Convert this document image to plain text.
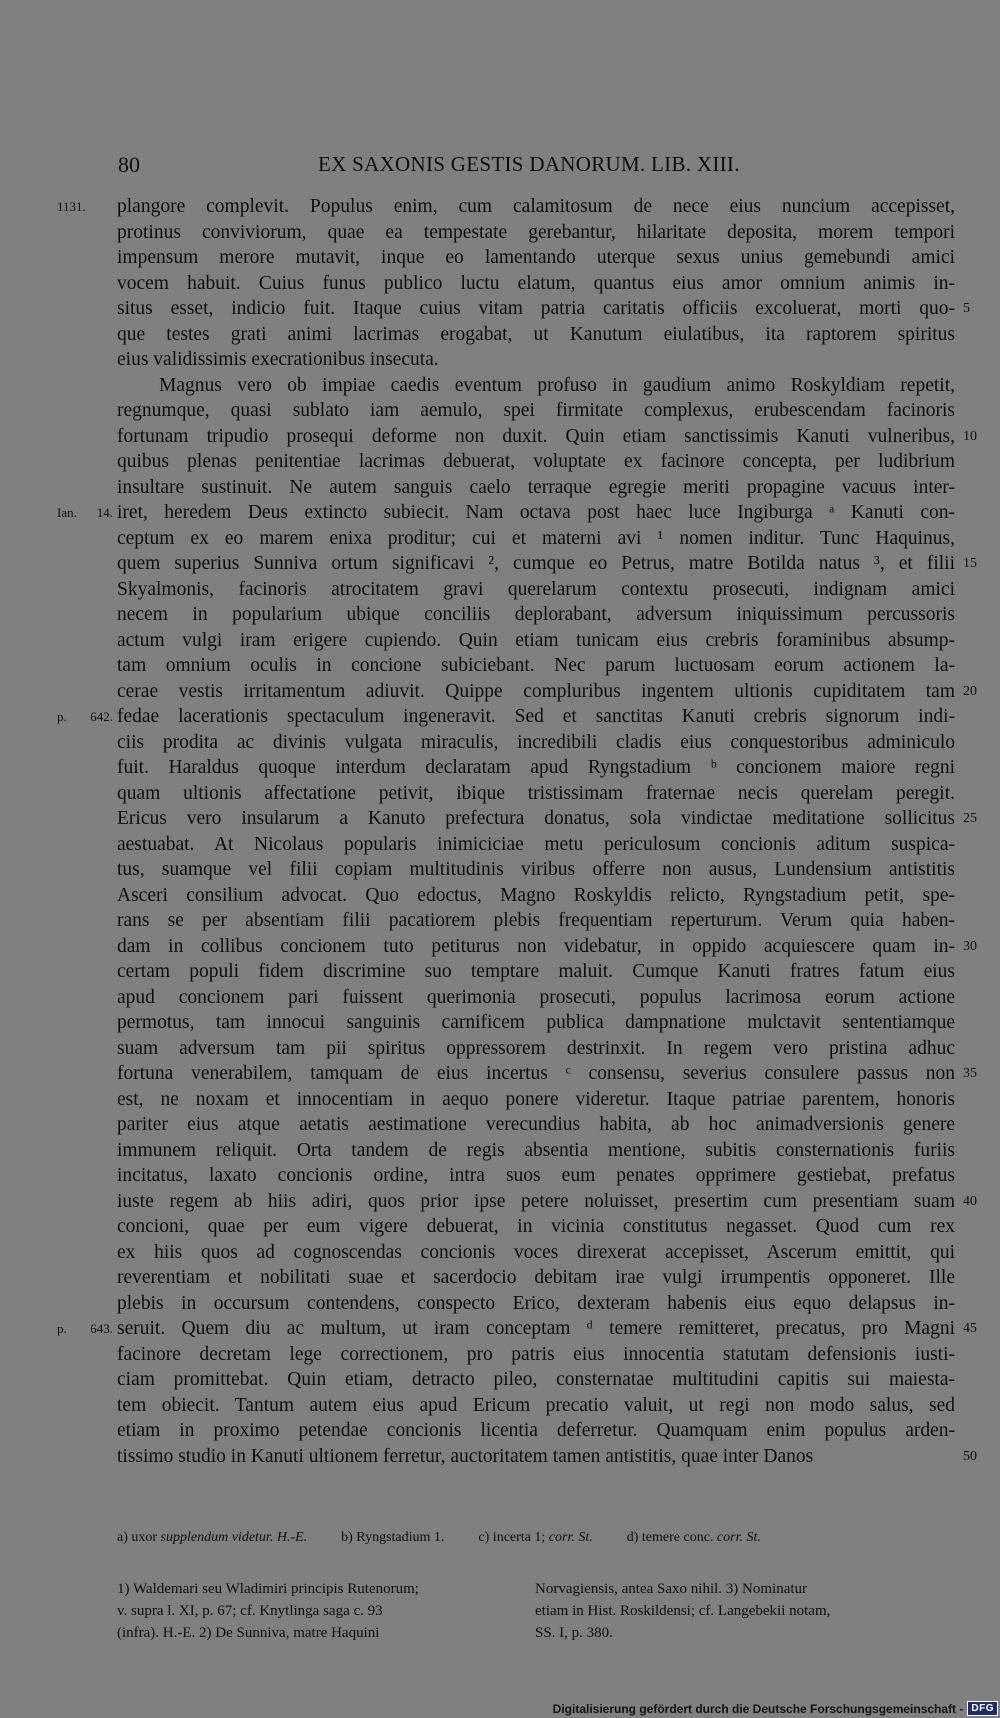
80	EX SAXONIS GESTIS DANORUM. LIB. XIII.
1131.	plangore complevit. Populus enim, cum calamitosum de nece eius nuncium accepisset,
protinus conviviorum, quae ea tempestate gerebantur, hilaritate deposita, morem tempori
impensum merore mutavit, inque eo lamentando uterque sexus unius gemebundi amici
vocem habuit. Cuius funus publico luctu elatum, quantus eius amor omnium animis in-
situs esset, indicio fuit. Itaque cuius vitam patria caritatis officiis excoluerat, morti quo- 5
que testes grati animi lacrimas erogabat, ut Kanutum eiulatibus, ita raptorem spiritus
eius validissimis execrationibus insecuta.
Magnus vero ob impiae caedis eventum profuso in gaudium animo Roskyldiam repetit,
regnumque, quasi sublato iam aemulo, spei firmitate complexus, erubescendam facinoris
fortunam tripudio prosequi deforme non duxit. Quin etiam sanctissimis Kanuti vulneribus, 10
quibus plenas penitentiae lacrimas debuerat, voluptate ex facinore concepta, per ludibrium
insultare sustinuit. Ne autem sanguis caelo terraque egregie meriti propagine vacuus inter-
Ian. 14. iret, heredem Deus extincto subiecit. Nam octava post haec luce Ingiburga ᵃ Kanuti con-
ceptum ex eo marem enixa proditur; cui et materni avi ¹ nomen inditur. Tunc Haquinus,
quem superius Sunniva ortum significavi ², cumque eo Petrus, matre Botilda natus ³, et filii 15
Skyalmonis, facinoris atrocitatem gravi querelarum contextu prosecuti, indignam amici
necem in popularium ubique conciliis deplorabant, adversum iniquissimum percussoris
actum vulgi iram erigere cupiendo. Quin etiam tunicam eius crebris foraminibus absump-
tam omnium oculis in concione subiciebant. Nec parum luctuosam eorum actionem la-
cerae vestis irritamentum adiuvit. Quippe compluribus ingentem ultionis cupiditatem tam 20
p. 642. fedae lacerationis spectaculum ingeneravit. Sed et sanctitas Kanuti crebris signorum indi-
ciis prodita ac divinis vulgata miraculis, incredibili cladis eius conquestoribus adminiculo
fuit. Haraldus quoque interdum declaratam apud Ryngstadium ᵇ concionem maiore regni
quam ultionis affectatione petivit, ibique tristissimam fraternae necis querelam peregit.
Ericus vero insularum a Kanuto prefectura donatus, sola vindictae meditatione sollicitus 25
aestuabat. At Nicolaus popularis inimiciciae metu periculosum concionis aditum suspica-
tus, suamque vel filii copiam multitudinis viribus offerre non ausus, Lundensium antistitis
Asceri consilium advocat. Quo edoctus, Magno Roskyldis relicto, Ryngstadium petit, spe-
rans se per absentiam filii pacatiorem plebis frequentiam reperturum. Verum quia haben-
dam in collibus concionem tuto petiturus non videbatur, in oppido acquiescere quam in- 30
certam populi fidem discrimine suo temptare maluit. Cumque Kanuti fratres fatum eius
apud concionem pari fuissent querimonia prosecuti, populus lacrimosa eorum actione
permotus, tam innocui sanguinis carnificem publica dampnatione mulctavit sententiamque
suam adversum tam pii spiritus oppressorem destrinxit. In regem vero pristina adhuc
fortuna venerabilem, tamquam de eius incertus ᶜ consensu, severius consulere passus non 35
est, ne noxam et innocentiam in aequo ponere videretur. Itaque patriae parentem, honoris
pariter eius atque aetatis aestimatione verecundius habita, ab hoc animadversionis genere
immunem reliquit. Orta tandem de regis absentia mentione, subitis consternationis furiis
incitatus, laxato concionis ordine, intra suos eum penates opprimere gestiebat, prefatus
iuste regem ab hiis adiri, quos prior ipse petere noluisset, presertim cum presentiam suam 40
concioni, quae per eum vigere debuerat, in vicinia constitutus negasset. Quod cum rex
ex hiis quos ad cognoscendas concionis voces direxerat accepisset, Ascerum emittit, qui
reverentiam et nobilitati suae et sacerdocio debitam irae vulgi irrumpentis opponeret. Ille
plebis in occursum contendens, conspecto Erico, dexteram habenis eius equo delapsus in-
p. 643. seruit. Quem diu ac multum, ut iram conceptam ᵈ temere remitteret, precatus, pro Magni 45
facinore decretam lege correctionem, pro patris eius innocentia statutam defensionis iusti-
ciam promittebat. Quin etiam, detracto pileo, consternatae multitudini capitis sui maiesta-
tem obiecit. Tantum autem eius apud Ericum precatio valuit, ut regi non modo salus, sed
etiam in proximo petendae concionis licentia deferretur. Quamquam enim populus arden-
tissimo studio in Kanuti ultionem ferretur, auctoritatem tamen antistitis, quae inter Danos	50
a) uxor supplendum videtur. H.-E. b) Ryngstadium 1. c) incerta 1; corr. St. d) temere conc. corr. St.
1) Waldemari seu Wladimiri principis Rutenorum;	Norvagiensis, antea Saxo nihil. 3) Nominatur
v. supra l. XI, p. 67; cf. Knytlinga saga c. 93	etiam in Hist. Roskildensi; cf. Langebekii notam,
(infra). H.-E. 2) De Sunniva, matre Haquini	SS. I, p. 380.
Digitalisierung gefördert durch die Deutsche Forschungsgemeinschaft - DFG
